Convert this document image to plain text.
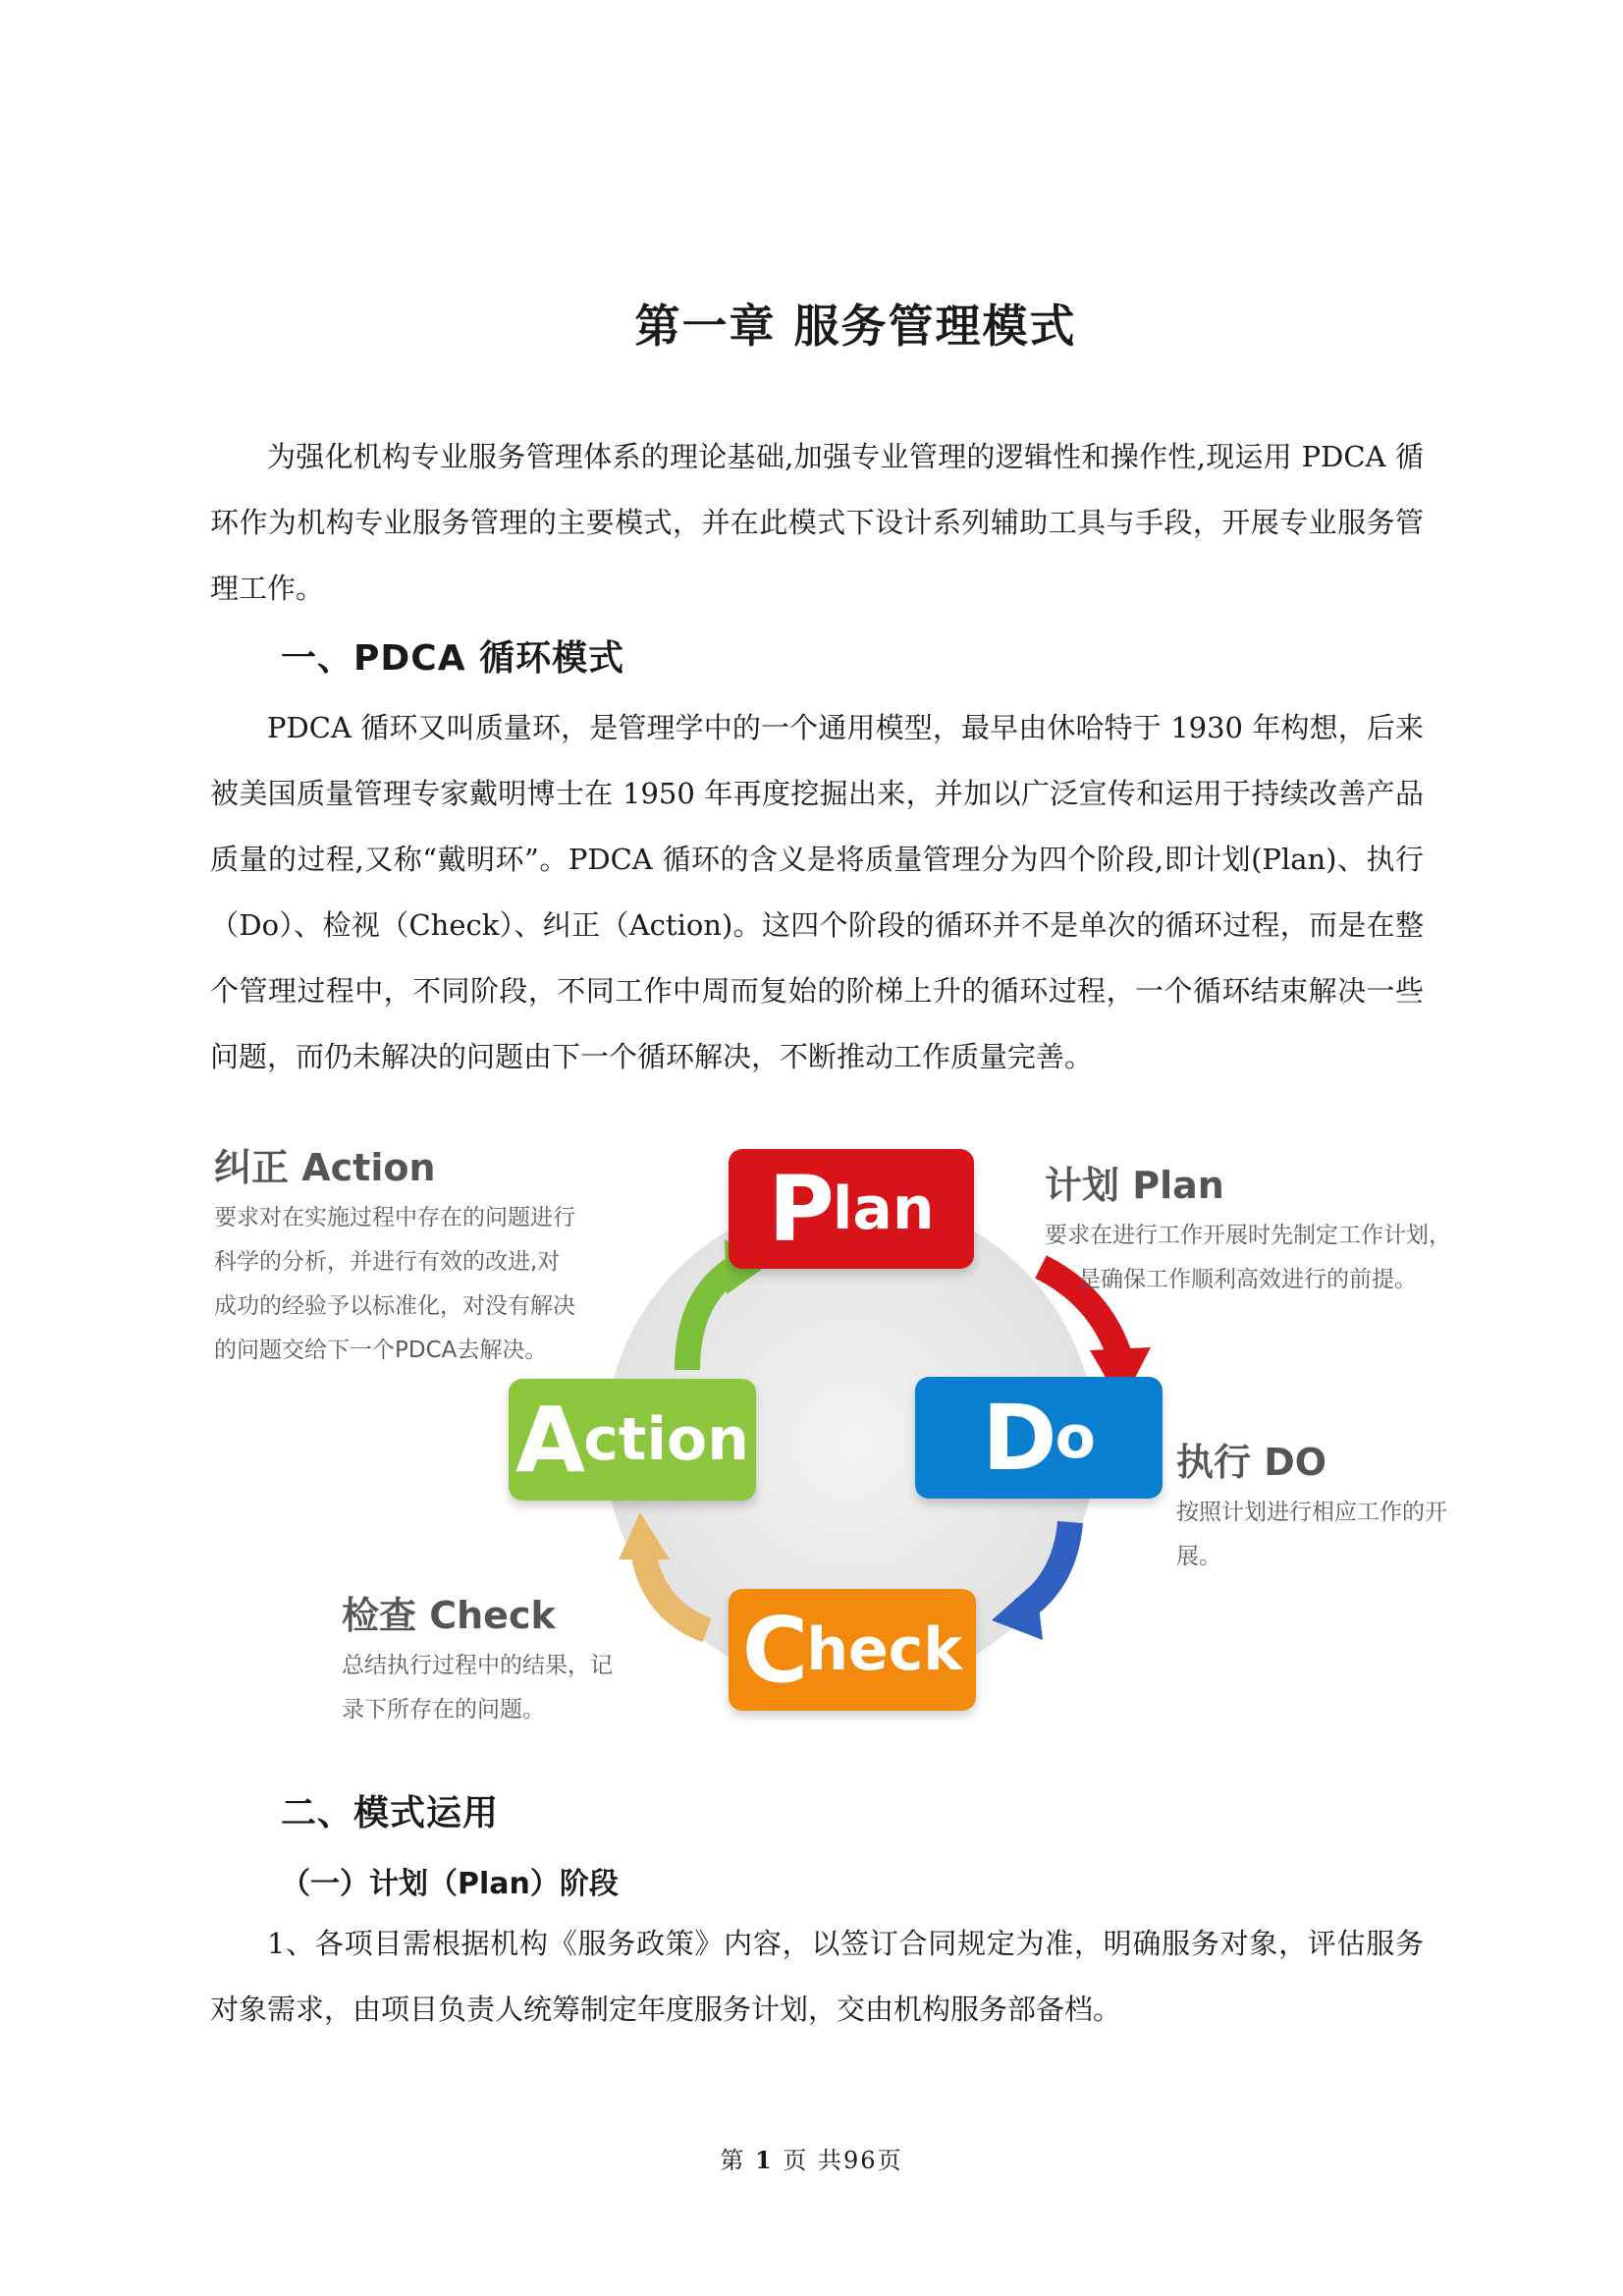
第一章 服务管理模式

为强化机构专业服务管理体系的理论基础,加强专业管理的逻辑性和操作性,现运用 PDCA 循环作为机构专业服务管理的主要模式，并在此模式下设计系列辅助工具与手段，开展专业服务管理工作。

一、PDCA 循环模式

PDCA 循环又叫质量环，是管理学中的一个通用模型，最早由休哈特于 1930 年构想，后来被美国质量管理专家戴明博士在 1950 年再度挖掘出来，并加以广泛宣传和运用于持续改善产品质量的过程,又称“戴明环”。PDCA 循环的含义是将质量管理分为四个阶段,即计划(Plan)、执行（Do）、检视（Check）、纠正（Action)。这四个阶段的循环并不是单次的循环过程，而是在整个管理过程中，不同阶段，不同工作中周而复始的阶梯上升的循环过程，一个循环结束解决一些问题，而仍未解决的问题由下一个循环解决，不断推动工作质量完善。

P lan
D o
C heck
A ction
纠正 Action
要求对在实施过程中存在的问题进行
科学的分析，并进行有效的改进,对
成功的经验予以标准化，对没有解决
的问题交给下一个PDCA去解决。
计划 Plan
要求在进行工作开展时先制定工作计划，
是确保工作顺利高效进行的前提。
执行 DO
按照计划进行相应工作的开
展。
检查 Check
总结执行过程中的结果，记
录下所存在的问题。
二、模式运用
（一）计划（Plan）阶段

1、各项目需根据机构《服务政策》内容，以签订合同规定为准，明确服务对象，评估服务对象需求，由项目负责人统筹制定年度服务计划，交由机构服务部备档。

第 1 页 共96页
